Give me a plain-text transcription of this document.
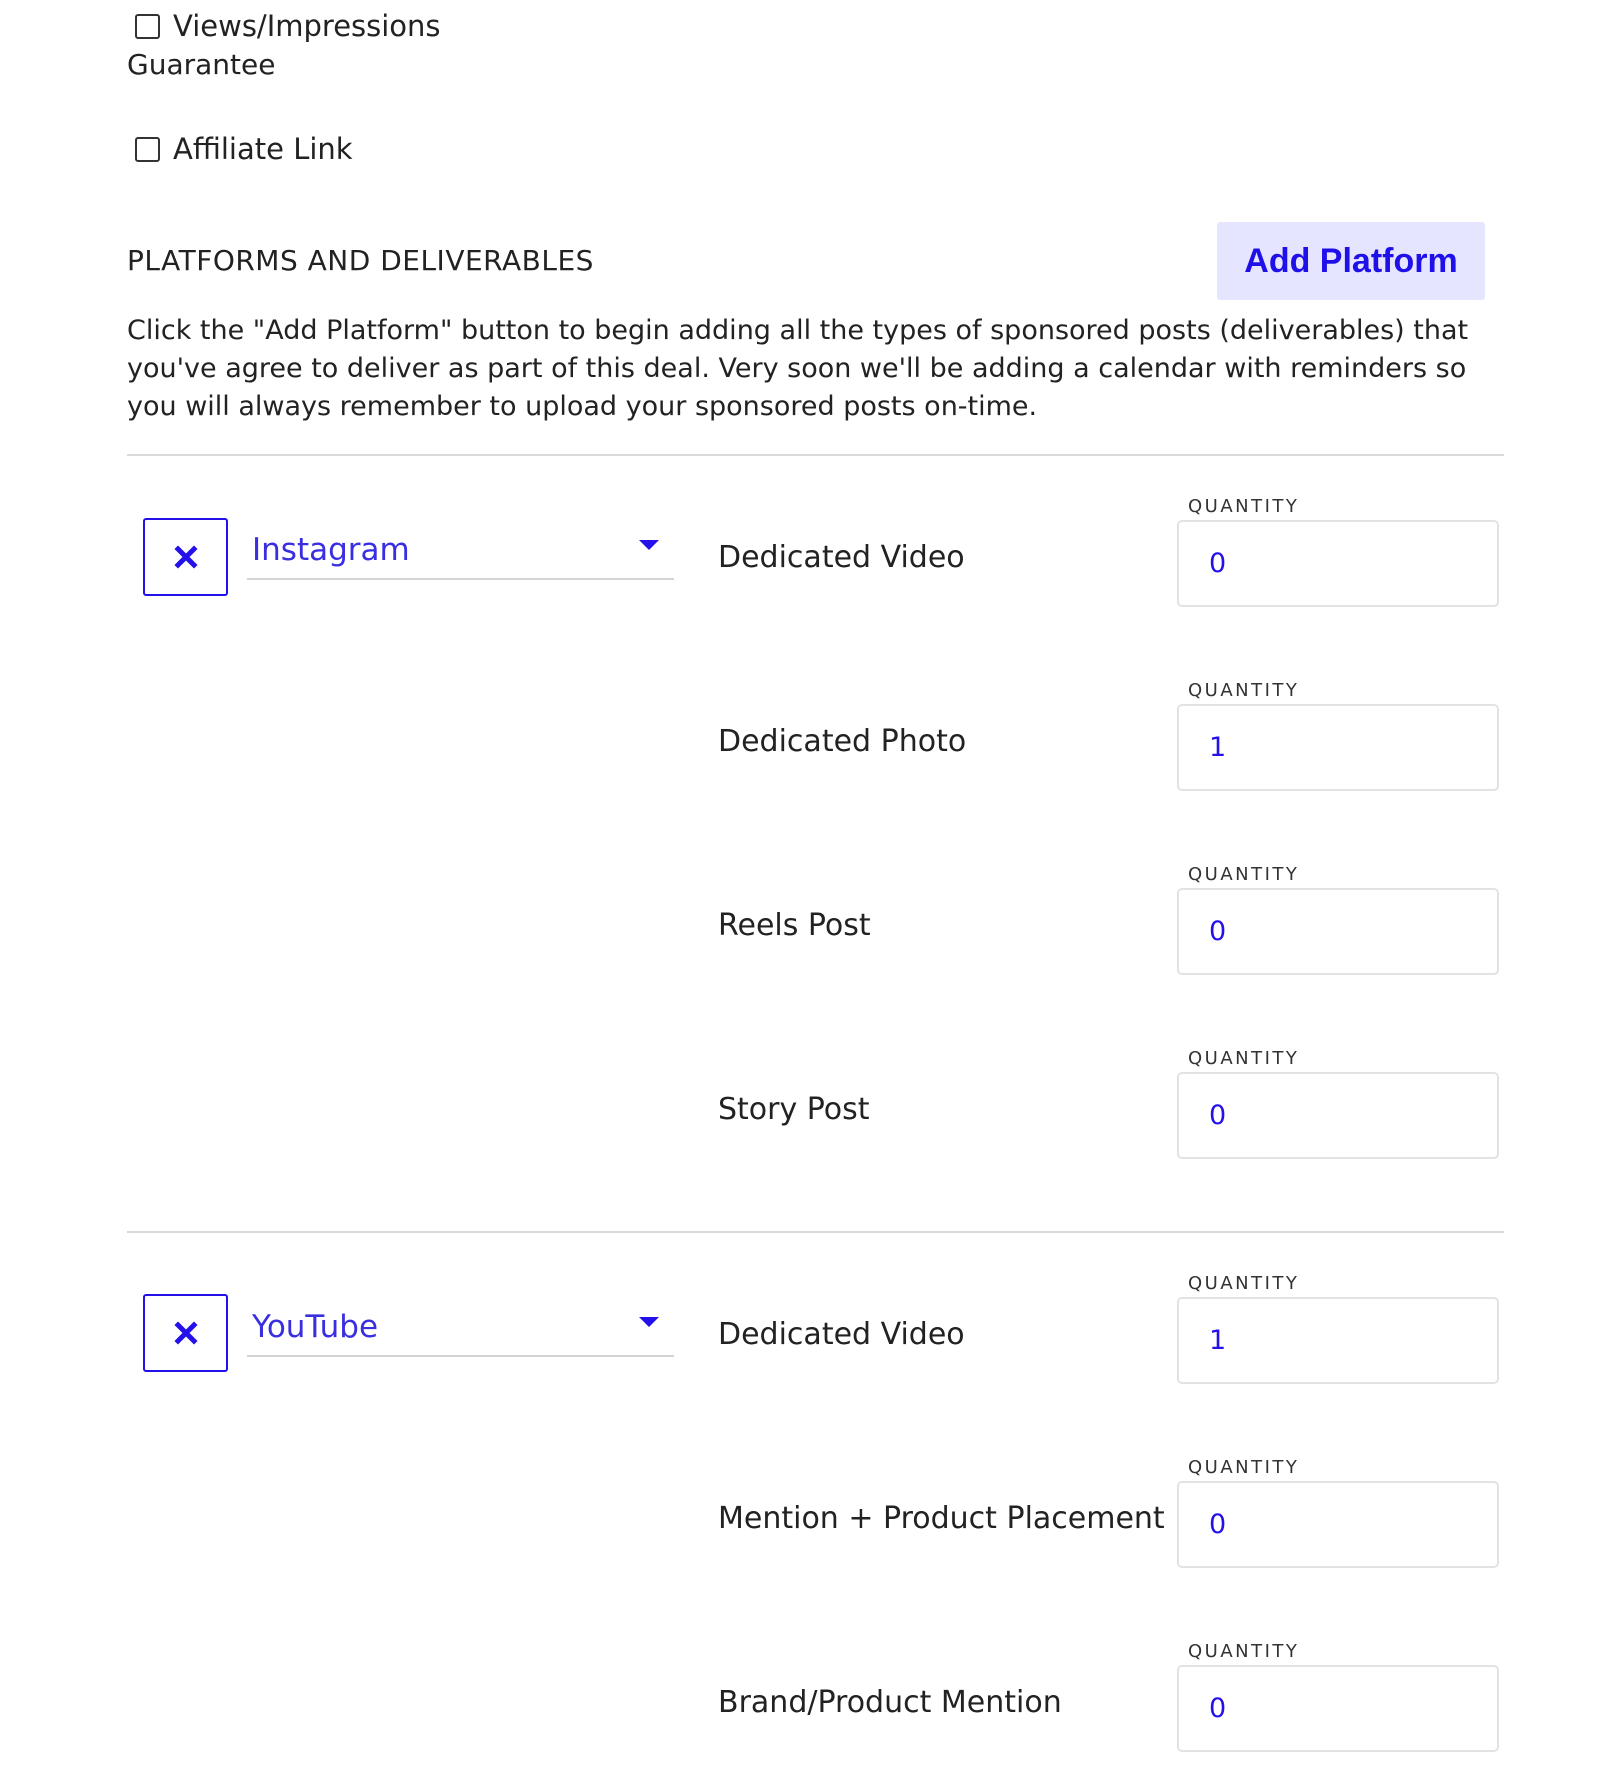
Views/Impressions
Guarantee
Affiliate Link
PLATFORMS AND DELIVERABLES	Add Platform

Click the "Add Platform" button to begin adding all the types of sponsored posts (deliverables) that you've agree to deliver as part of this deal. Very soon we'll be adding a calendar with reminders so you will always remember to upload your sponsored posts on-time.

Instagram	Dedicated Video
QUANTITY
0
Dedicated Photo
QUANTITY
1
Reels Post
QUANTITY
0
Story Post
QUANTITY
0
YouTube	Dedicated Video
QUANTITY
1
Mention + Product Placement
QUANTITY
0
Brand/Product Mention
QUANTITY
0
